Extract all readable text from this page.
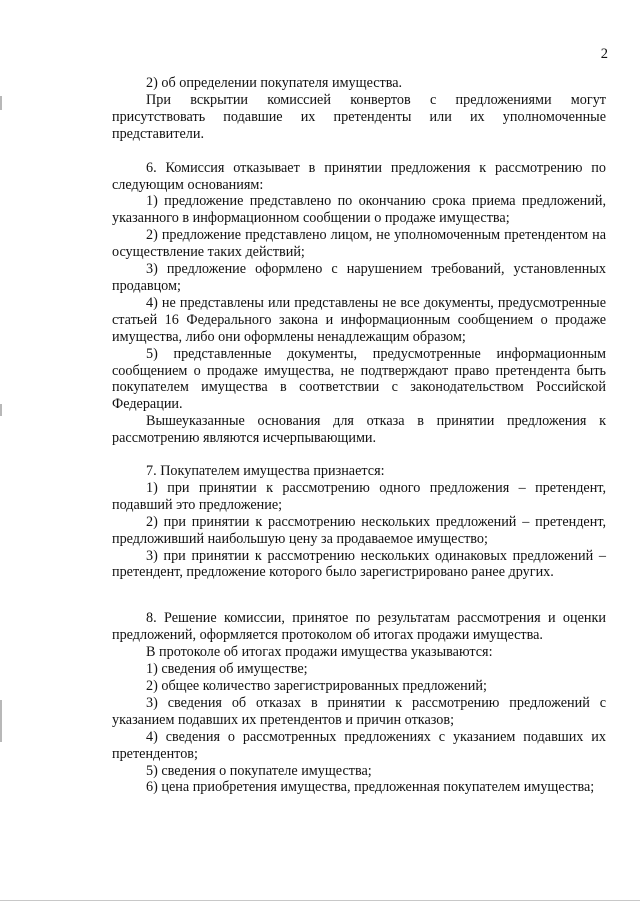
2

2) об определении покупателя имущества.

При вскрытии комиссией конвертов с предложениями могут присутствовать подавшие их претенденты или их уполномоченные представители.

6. Комиссия отказывает в принятии предложения к рассмотрению по следующим основаниям:

1) предложение представлено по окончанию срока приема предложений, указанного в информационном сообщении о продаже имущества;

2) предложение представлено лицом, не уполномоченным претендентом на осуществление таких действий;

3) предложение оформлено с нарушением требований, установленных продавцом;

4) не представлены или представлены не все документы, предусмотренные статьей 16 Федерального закона и информационным сообщением о продаже имущества, либо они оформлены ненадлежащим образом;

5) представленные документы, предусмотренные информационным сообщением о продаже имущества, не подтверждают право претендента быть покупателем имущества в соответствии с законодательством Российской Федерации.

Вышеуказанные основания для отказа в принятии предложения к рассмотрению являются исчерпывающими.

7. Покупателем имущества признается:

1) при принятии к рассмотрению одного предложения – претендент, подавший это предложение;

2) при принятии к рассмотрению нескольких предложений – претендент, предложивший наибольшую цену за продаваемое имущество;

3) при принятии к рассмотрению нескольких одинаковых предложений – претендент, предложение которого было зарегистрировано ранее других.

8. Решение комиссии, принятое по результатам рассмотрения и оценки предложений, оформляется протоколом об итогах продажи имущества.

В протоколе об итогах продажи имущества указываются:

1) сведения об имуществе;

2) общее количество зарегистрированных предложений;

3) сведения об отказах в принятии к рассмотрению предложений с указанием подавших их претендентов и причин отказов;

4) сведения о рассмотренных предложениях с указанием подавших их претендентов;

5) сведения о покупателе имущества;

6) цена приобретения имущества, предложенная покупателем имущества;
